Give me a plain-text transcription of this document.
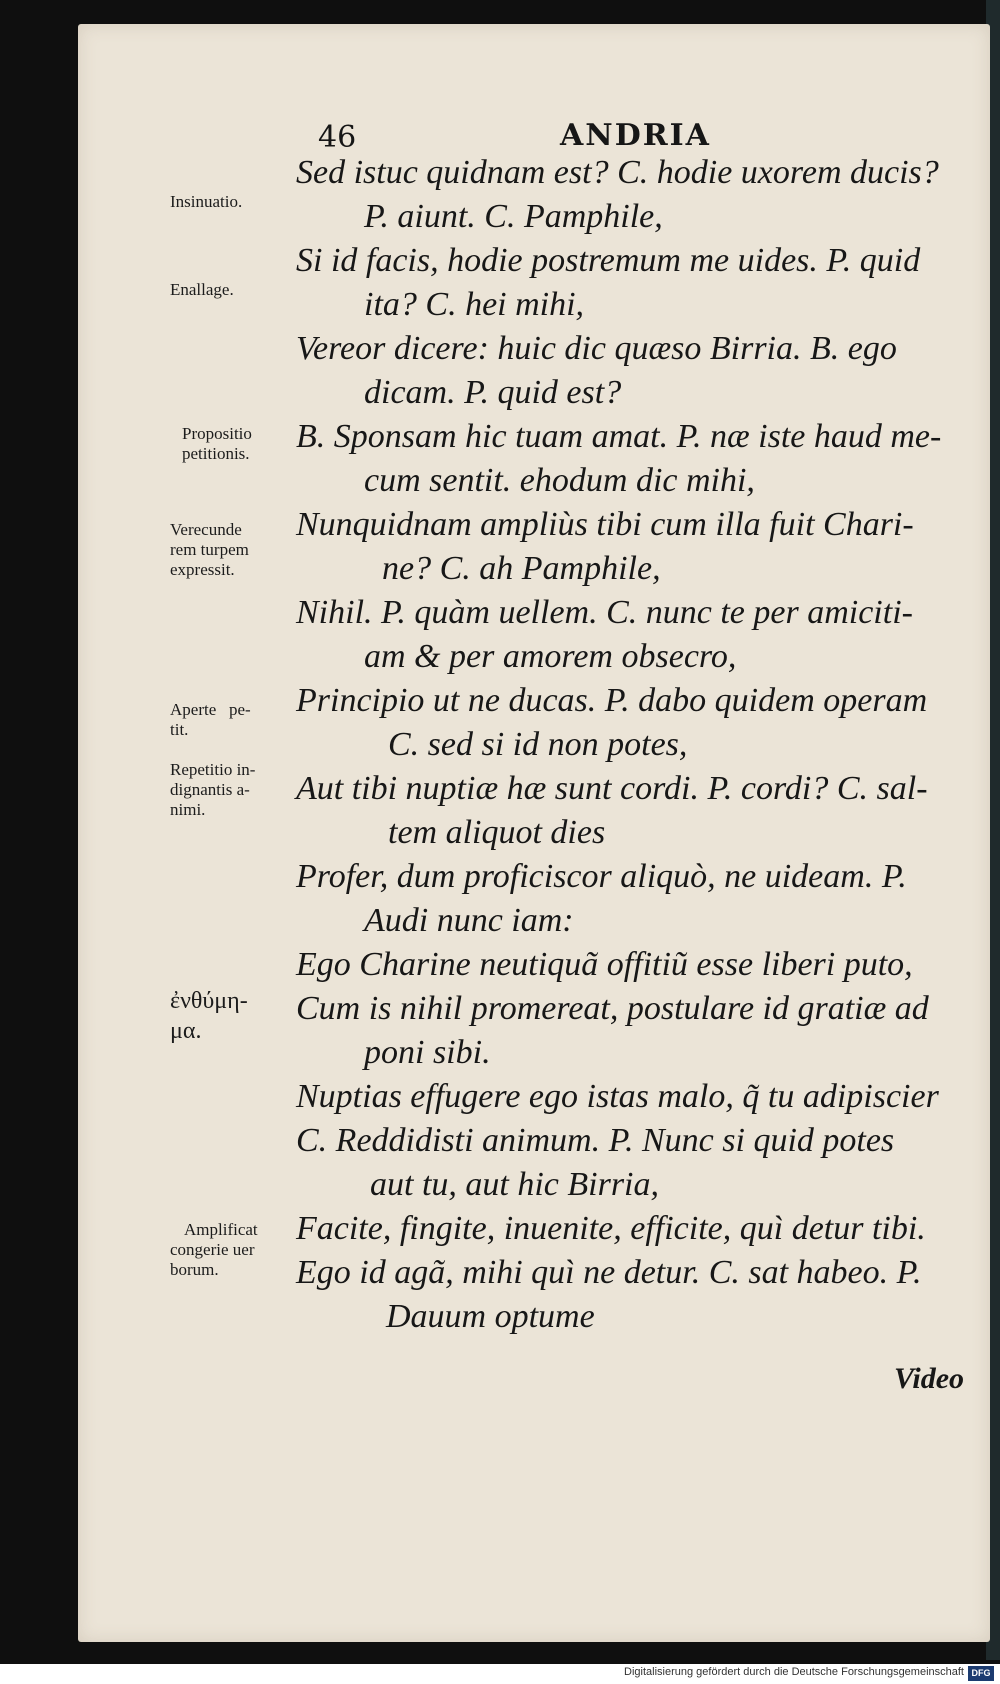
46	ANDRIA

Sed istuc quidnam est? C. hodie uxorem ducis?

P. aiunt. C. Pamphile,

Si id facis, hodie postremum me uides. P. quid

ita? C. hei mihi,

Vereor dicere: huic dic quæso Birria. B. ego

dicam. P. quid est?

B. Sponsam hic tuam amat. P. næ iste haud me-

cum sentit. ehodum dic mihi,

Nunquidnam ampliùs tibi cum illa fuit Chari-

ne? C. ah Pamphile,

Nihil. P. quàm uellem. C. nunc te per amiciti-

am & per amorem obsecro,

Principio ut ne ducas. P. dabo quidem operam

C. sed si id non potes,

Aut tibi nuptiæ hæ sunt cordi. P. cordi? C. sal-

tem aliquot dies

Profer, dum proficiscor aliquò, ne uideam. P.

Audi nunc iam:

Ego Charine neutiquã offitiũ esse liberi puto,

Cum is nihil promereat, postulare id gratiæ ad

poni sibi.

Nuptias effugere ego istas malo, q̃ tu adipiscier

C. Reddidisti animum. P. Nunc si quid potes

aut tu, aut hic Birria,

Facite, fingite, inuenite, efficite, quì detur tibi.

Ego id agã, mihi quì ne detur. C. sat habeo. P.

Dauum optume

Insinuatio.
Enallage.
Propositio
petitionis.
Verecunde
rem turpem
expressit.
Aperte   pe-
tit.
Repetitio in-
dignantis a-
nimi.
ἐνθύμη-
μα.
Amplificat
congerie uer
borum.
Video
Digitalisierung gefördert durch die Deutsche Forschungsgemeinschaft DFG
